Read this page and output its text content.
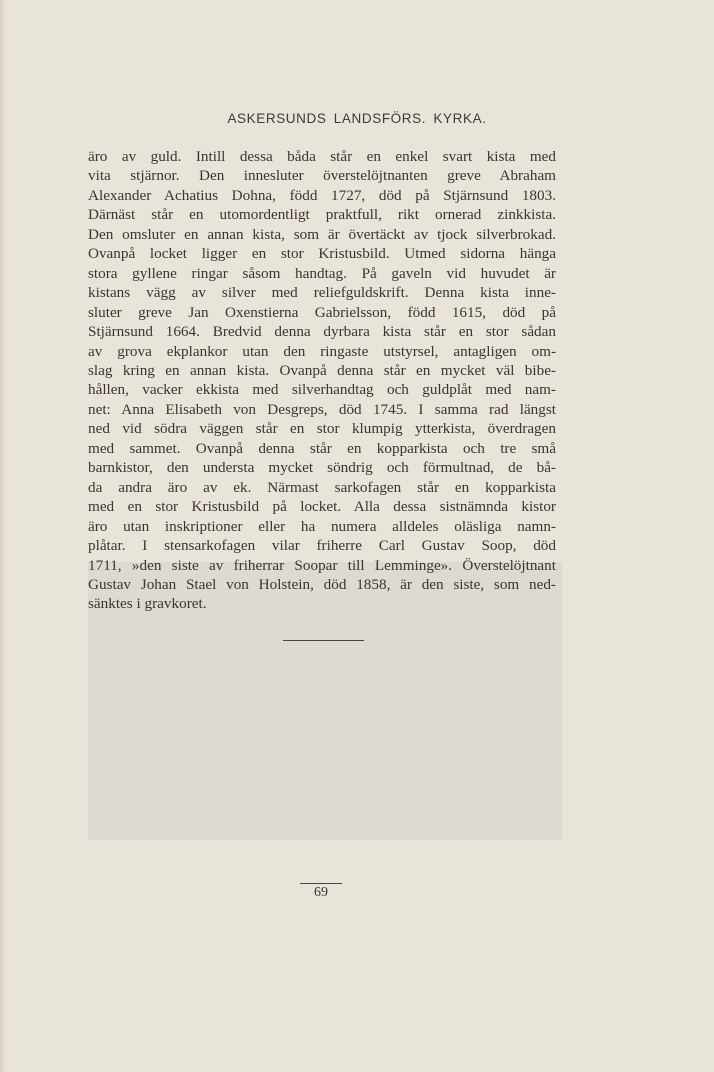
ASKERSUNDS LANDSFÖRS. KYRKA.
äro av guld. Intill dessa båda står en enkel svart kista med
vita stjärnor. Den innesluter överstelöjtnanten greve Abraham
Alexander Achatius Dohna, född 1727, död på Stjärnsund 1803.
Därnäst står en utomordentligt praktfull, rikt ornerad zinkkista.
Den omsluter en annan kista, som är övertäckt av tjock silverbrokad.
Ovanpå locket ligger en stor Kristusbild. Utmed sidorna hänga
stora gyllene ringar såsom handtag. På gaveln vid huvudet är
kistans vägg av silver med reliefguldskrift. Denna kista inne-
sluter greve Jan Oxenstierna Gabrielsson, född 1615, död på
Stjärnsund 1664. Bredvid denna dyrbara kista står en stor sådan
av grova ekplankor utan den ringaste utstyrsel, antagligen om-
slag kring en annan kista. Ovanpå denna står en mycket väl bibe-
hållen, vacker ekkista med silverhandtag och guldplåt med nam-
net: Anna Elisabeth von Desgreps, död 1745. I samma rad längst
ned vid södra väggen står en stor klumpig ytterkista, överdragen
med sammet. Ovanpå denna står en kopparkista och tre små
barnkistor, den understa mycket söndrig och förmultnad, de bå-
da andra äro av ek. Närmast sarkofagen står en kopparkista
med en stor Kristusbild på locket. Alla dessa sistnämnda kistor
äro utan inskriptioner eller ha numera alldeles oläsliga namn-
plåtar. I stensarkofagen vilar friherre Carl Gustav Soop, död
1711, »den siste av friherrar Soopar till Lemminge». Överstelöjtnant
Gustav Johan Stael von Holstein, död 1858, är den siste, som ned-
sänktes i gravkoret.
69
